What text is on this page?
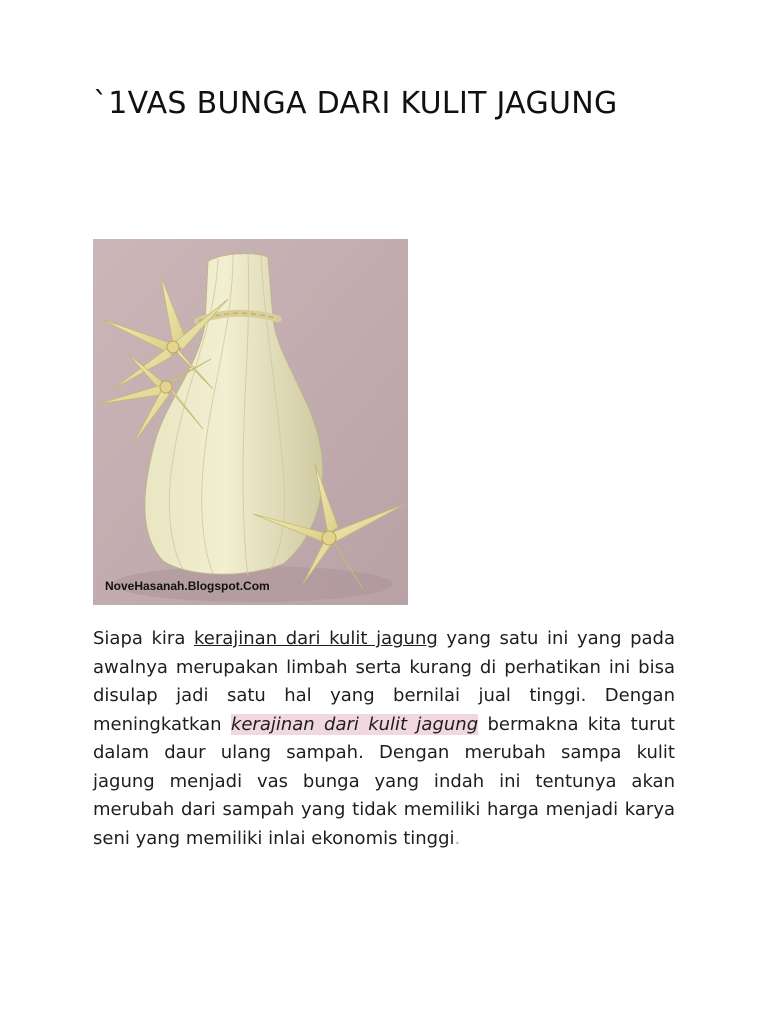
`1VAS BUNGA DARI KULIT JAGUNG
NoveHasanah.Blogspot.Com

Siapa kira kerajinan dari kulit jagung yang satu ini yang pada awalnya merupakan limbah serta kurang di perhatikan ini bisa disulap jadi satu hal yang bernilai jual tinggi. Dengan meningkatkan kerajinan dari kulit jagung bermakna kita turut dalam daur ulang sampah. Dengan merubah sampa kulit jagung menjadi vas bunga yang indah ini tentunya akan merubah dari sampah yang tidak memiliki harga menjadi karya seni yang memiliki inlai ekonomis tinggi.
